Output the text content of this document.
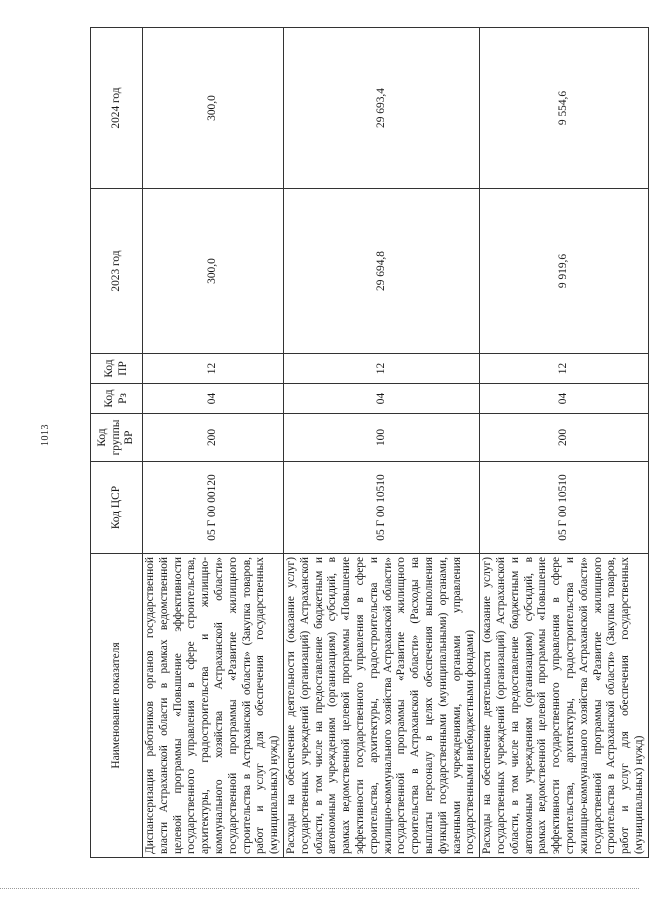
1013
Наименование показателя	Код ЦСР	Код группы ВР	Код Рз	Код ПР	2023 год	2024 год
Диспансеризация работников органов государственной власти Астраханской области в рамках ведомственной целевой программы «Повышение эффективности государственного управления в сфере строительства, архитектуры, градостроительства и жилищно-коммунального хозяйства Астраханской области» государственной программы «Развитие жилищного строительства в Астраханской области» (Закупка товаров, работ и услуг для обеспечения государственных (муниципальных) нужд)	05 Г 00 00120	200	04	12	300,0	300,0
Расходы на обеспечение деятельности (оказание услуг) государственных учреждений (организаций) Астраханской области, в том числе на предоставление бюджетным и автономным учреждениям (организациям) субсидий, в рамках ведомственной целевой программы «Повышение эффективности государственного управления в сфере строительства, архитектуры, градостроительства и жилищно-коммунального хозяйства Астраханской области» государственной программы «Развитие жилищного строительства в Астраханской области» (Расходы на выплаты персоналу в целях обеспечения выполнения функций государственными (муниципальными) органами, казенными учреждениями, органами управления государственными внебюджетными фондами)	05 Г 00 10510	100	04	12	29 694,8	29 693,4
Расходы на обеспечение деятельности (оказание услуг) государственных учреждений (организаций) Астраханской области, в том числе на предоставление бюджетным и автономным учреждениям (организациям) субсидий, в рамках ведомственной целевой программы «Повышение эффективности государственного управления в сфере строительства, архитектуры, градостроительства и жилищно-коммунального хозяйства Астраханской области» государственной программы «Развитие жилищного строительства в Астраханской области» (Закупка товаров, работ и услуг для обеспечения государственных (муниципальных) нужд)	05 Г 00 10510	200	04	12	9 919,6	9 554,6
